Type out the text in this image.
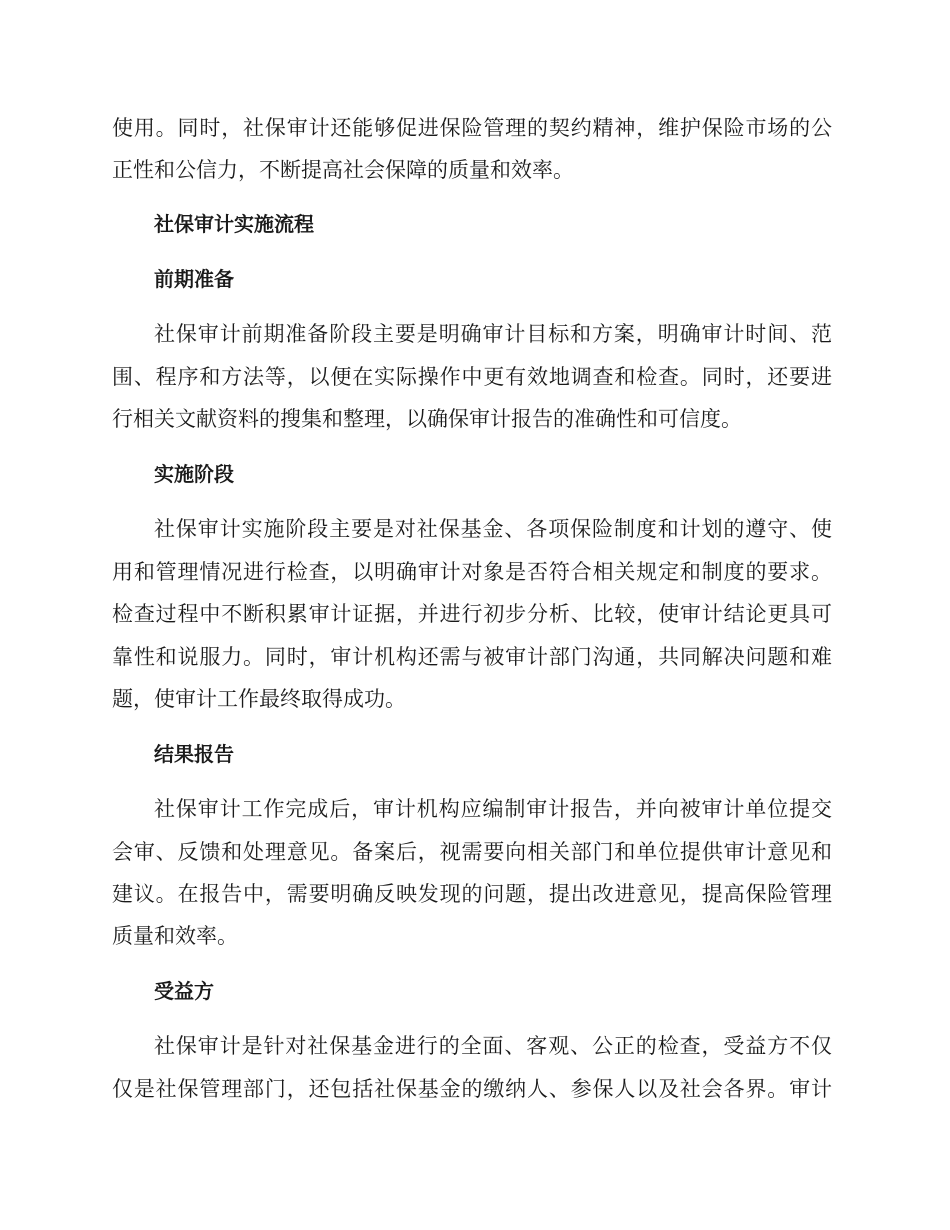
使用。同时，社保审计还能够促进保险管理的契约精神，维护保险市场的公
正性和公信力，不断提高社会保障的质量和效率。
社保审计实施流程
前期准备
社保审计前期准备阶段主要是明确审计目标和方案，明确审计时间、范
围、程序和方法等，以便在实际操作中更有效地调查和检查。同时，还要进
行相关文献资料的搜集和整理，以确保审计报告的准确性和可信度。
实施阶段
社保审计实施阶段主要是对社保基金、各项保险制度和计划的遵守、使
用和管理情况进行检查，以明确审计对象是否符合相关规定和制度的要求。
检查过程中不断积累审计证据，并进行初步分析、比较，使审计结论更具可
靠性和说服力。同时，审计机构还需与被审计部门沟通，共同解决问题和难
题，使审计工作最终取得成功。
结果报告
社保审计工作完成后，审计机构应编制审计报告，并向被审计单位提交
会审、反馈和处理意见。备案后，视需要向相关部门和单位提供审计意见和
建议。在报告中，需要明确反映发现的问题，提出改进意见，提高保险管理
质量和效率。
受益方
社保审计是针对社保基金进行的全面、客观、公正的检查，受益方不仅
仅是社保管理部门，还包括社保基金的缴纳人、参保人以及社会各界。审计
